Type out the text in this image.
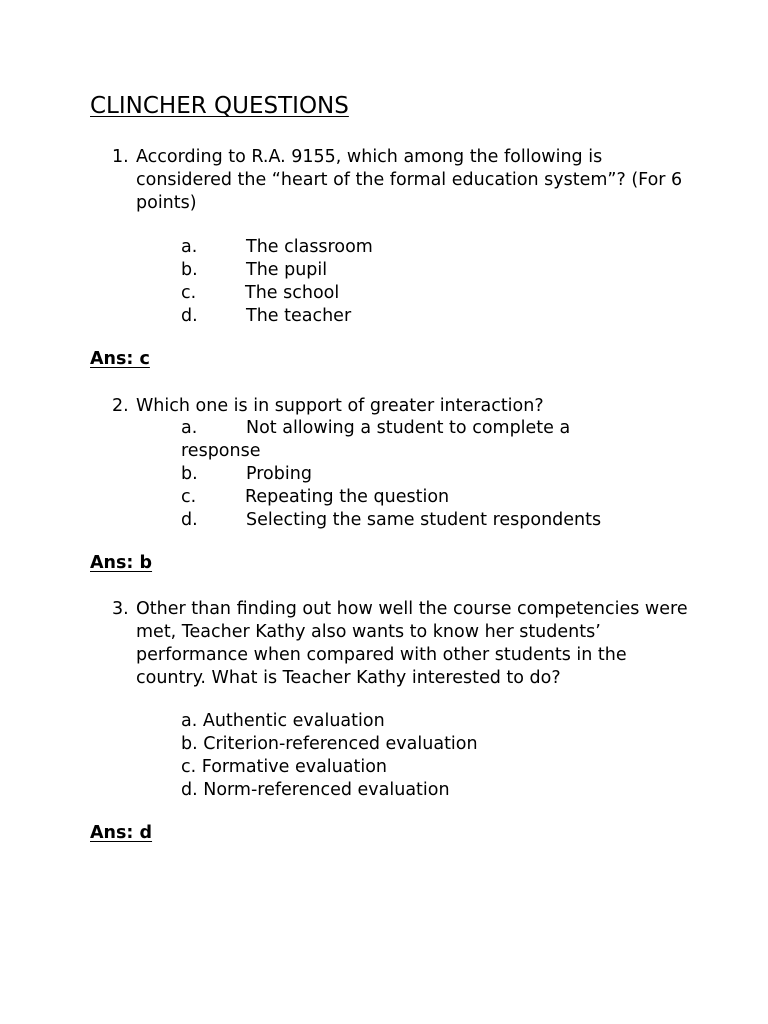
CLINCHER QUESTIONS
1. According to R.A. 9155, which among the following is considered the “heart of the formal education system”? (For 6 points)
a.	The classroom
b.	The pupil
c.	The school
d.	The teacher
Ans: c
2. Which one is in support of greater interaction?
a.	Not allowing a student to complete a
response
b.	Probing
c.	Repeating the question
d.	Selecting the same student respondents
Ans: b
3. Other than finding out how well the course competencies were met, Teacher Kathy also wants to know her students’ performance when compared with other students in the country. What is Teacher Kathy interested to do?
a. Authentic evaluation
b. Criterion-referenced evaluation
c. Formative evaluation
d. Norm-referenced evaluation
Ans: d
